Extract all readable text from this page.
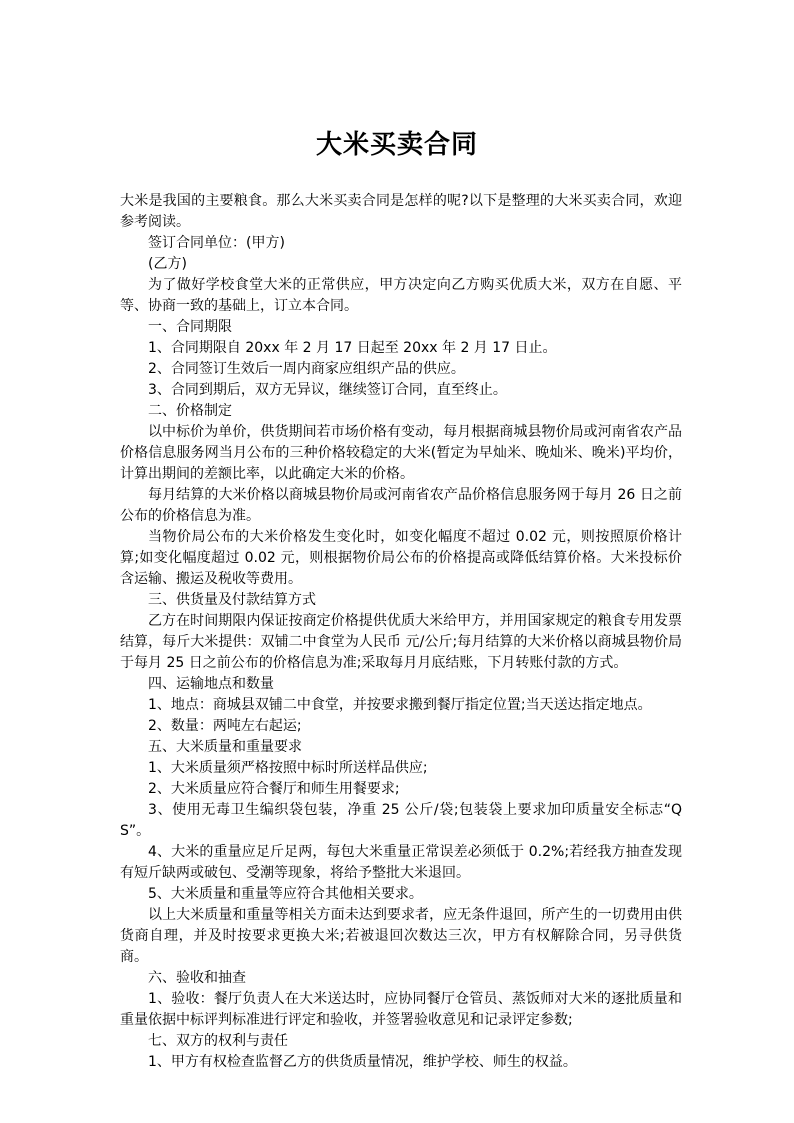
大米买卖合同

大米是我国的主要粮食。那么大米买卖合同是怎样的呢?以下是整理的大米买卖合同，欢迎参考阅读。

签订合同单位：(甲方)

(乙方)

为了做好学校食堂大米的正常供应，甲方决定向乙方购买优质大米，双方在自愿、平等、协商一致的基础上，订立本合同。

一、合同期限

1、合同期限自 20xx 年 2 月 17 日起至 20xx 年 2 月 17 日止。

2、合同签订生效后一周内商家应组织产品的供应。

3、合同到期后，双方无异议，继续签订合同，直至终止。

二、价格制定

以中标价为单价，供货期间若市场价格有变动，每月根据商城县物价局或河南省农产品价格信息服务网当月公布的三种价格较稳定的大米(暂定为早灿米、晚灿米、晚米)平均价，计算出期间的差额比率，以此确定大米的价格。

每月结算的大米价格以商城县物价局或河南省农产品价格信息服务网于每月 26 日之前公布的价格信息为准。

当物价局公布的大米价格发生变化时，如变化幅度不超过 0.02 元，则按照原价格计算;如变化幅度超过 0.02 元，则根据物价局公布的价格提高或降低结算价格。大米投标价含运输、搬运及税收等费用。

三、供货量及付款结算方式

乙方在时间期限内保证按商定价格提供优质大米给甲方，并用国家规定的粮食专用发票结算，每斤大米提供：双铺二中食堂为人民币 元/公斤;每月结算的大米价格以商城县物价局于每月 25 日之前公布的价格信息为准;采取每月月底结账，下月转账付款的方式。

四、运输地点和数量

1、地点：商城县双铺二中食堂，并按要求搬到餐厅指定位置;当天送达指定地点。

2、数量：两吨左右起运;

五、大米质量和重量要求

1、大米质量须严格按照中标时所送样品供应;

2、大米质量应符合餐厅和师生用餐要求;

3、使用无毒卫生编织袋包装，净重 25 公斤/袋;包装袋上要求加印质量安全标志“QS”。

4、大米的重量应足斤足两，每包大米重量正常误差必须低于 0.2%;若经我方抽查发现有短斤缺两或破包、受潮等现象，将给予整批大米退回。

5、大米质量和重量等应符合其他相关要求。

以上大米质量和重量等相关方面未达到要求者，应无条件退回，所产生的一切费用由供货商自理，并及时按要求更换大米;若被退回次数达三次，甲方有权解除合同，另寻供货商。

六、验收和抽查

1、验收：餐厅负责人在大米送达时，应协同餐厅仓管员、蒸饭师对大米的逐批质量和重量依据中标评判标准进行评定和验收，并签署验收意见和记录评定参数;

七、双方的权利与责任

1、甲方有权检查监督乙方的供货质量情况，维护学校、师生的权益。
